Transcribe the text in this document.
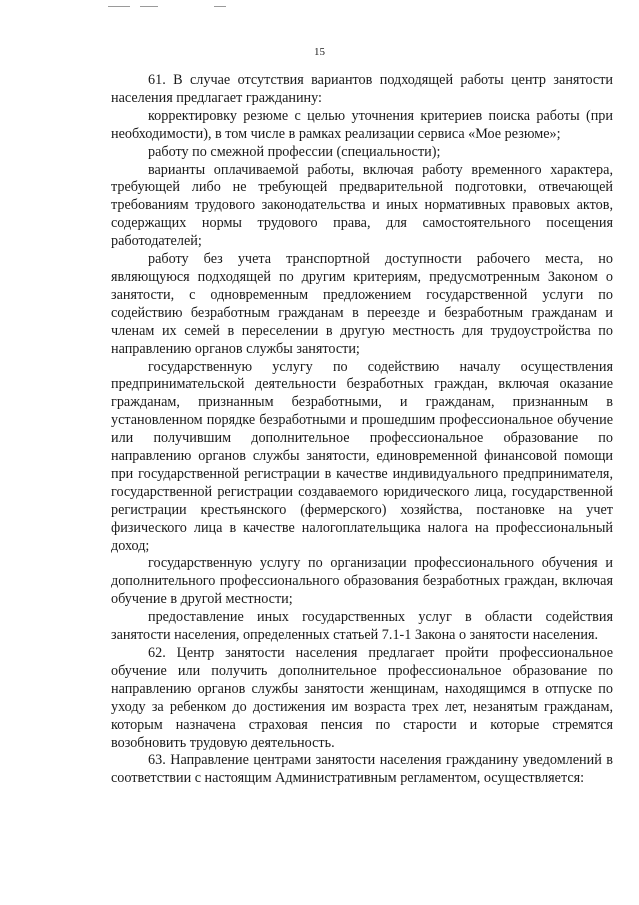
15

61. В случае отсутствия вариантов подходящей работы центр занятости населения предлагает гражданину:

корректировку резюме с целью уточнения критериев поиска работы (при необходимости), в том числе в рамках реализации сервиса «Мое резюме»;

работу по смежной профессии (специальности);

варианты оплачиваемой работы, включая работу временного характера, требующей либо не требующей предварительной подготовки, отвечающей требованиям трудового законодательства и иных нормативных правовых актов, содержащих нормы трудового права, для самостоятельного посещения работодателей;

работу без учета транспортной доступности рабочего места, но являющуюся подходящей по другим критериям, предусмотренным Законом о занятости, с одновременным предложением государственной услуги по содействию безработным гражданам в переезде и безработным гражданам и членам их семей в переселении в другую местность для трудоустройства по направлению органов службы занятости;

государственную услугу по содействию началу осуществления предпринимательской деятельности безработных граждан, включая оказание гражданам, признанным безработными, и гражданам, признанным в установленном порядке безработными и прошедшим профессиональное обучение или получившим дополнительное профессиональное образование по направлению органов службы занятости, единовременной финансовой помощи при государственной регистрации в качестве индивидуального предпринимателя, государственной регистрации создаваемого юридического лица, государственной регистрации крестьянского (фермерского) хозяйства, постановке на учет физического лица в качестве налогоплательщика налога на профессиональный доход;

государственную услугу по организации профессионального обучения и дополнительного профессионального образования безработных граждан, включая обучение в другой местности;

предоставление иных государственных услуг в области содействия занятости населения, определенных статьей 7.1-1 Закона о занятости населения.

62. Центр занятости населения предлагает пройти профессиональное обучение или получить дополнительное профессиональное образование по направлению органов службы занятости женщинам, находящимся в отпуске по уходу за ребенком до достижения им возраста трех лет, незанятым гражданам, которым назначена страховая пенсия по старости и которые стремятся возобновить трудовую деятельность.

63. Направление центрами занятости населения гражданину уведомлений в соответствии с настоящим Административным регламентом, осуществляется:
